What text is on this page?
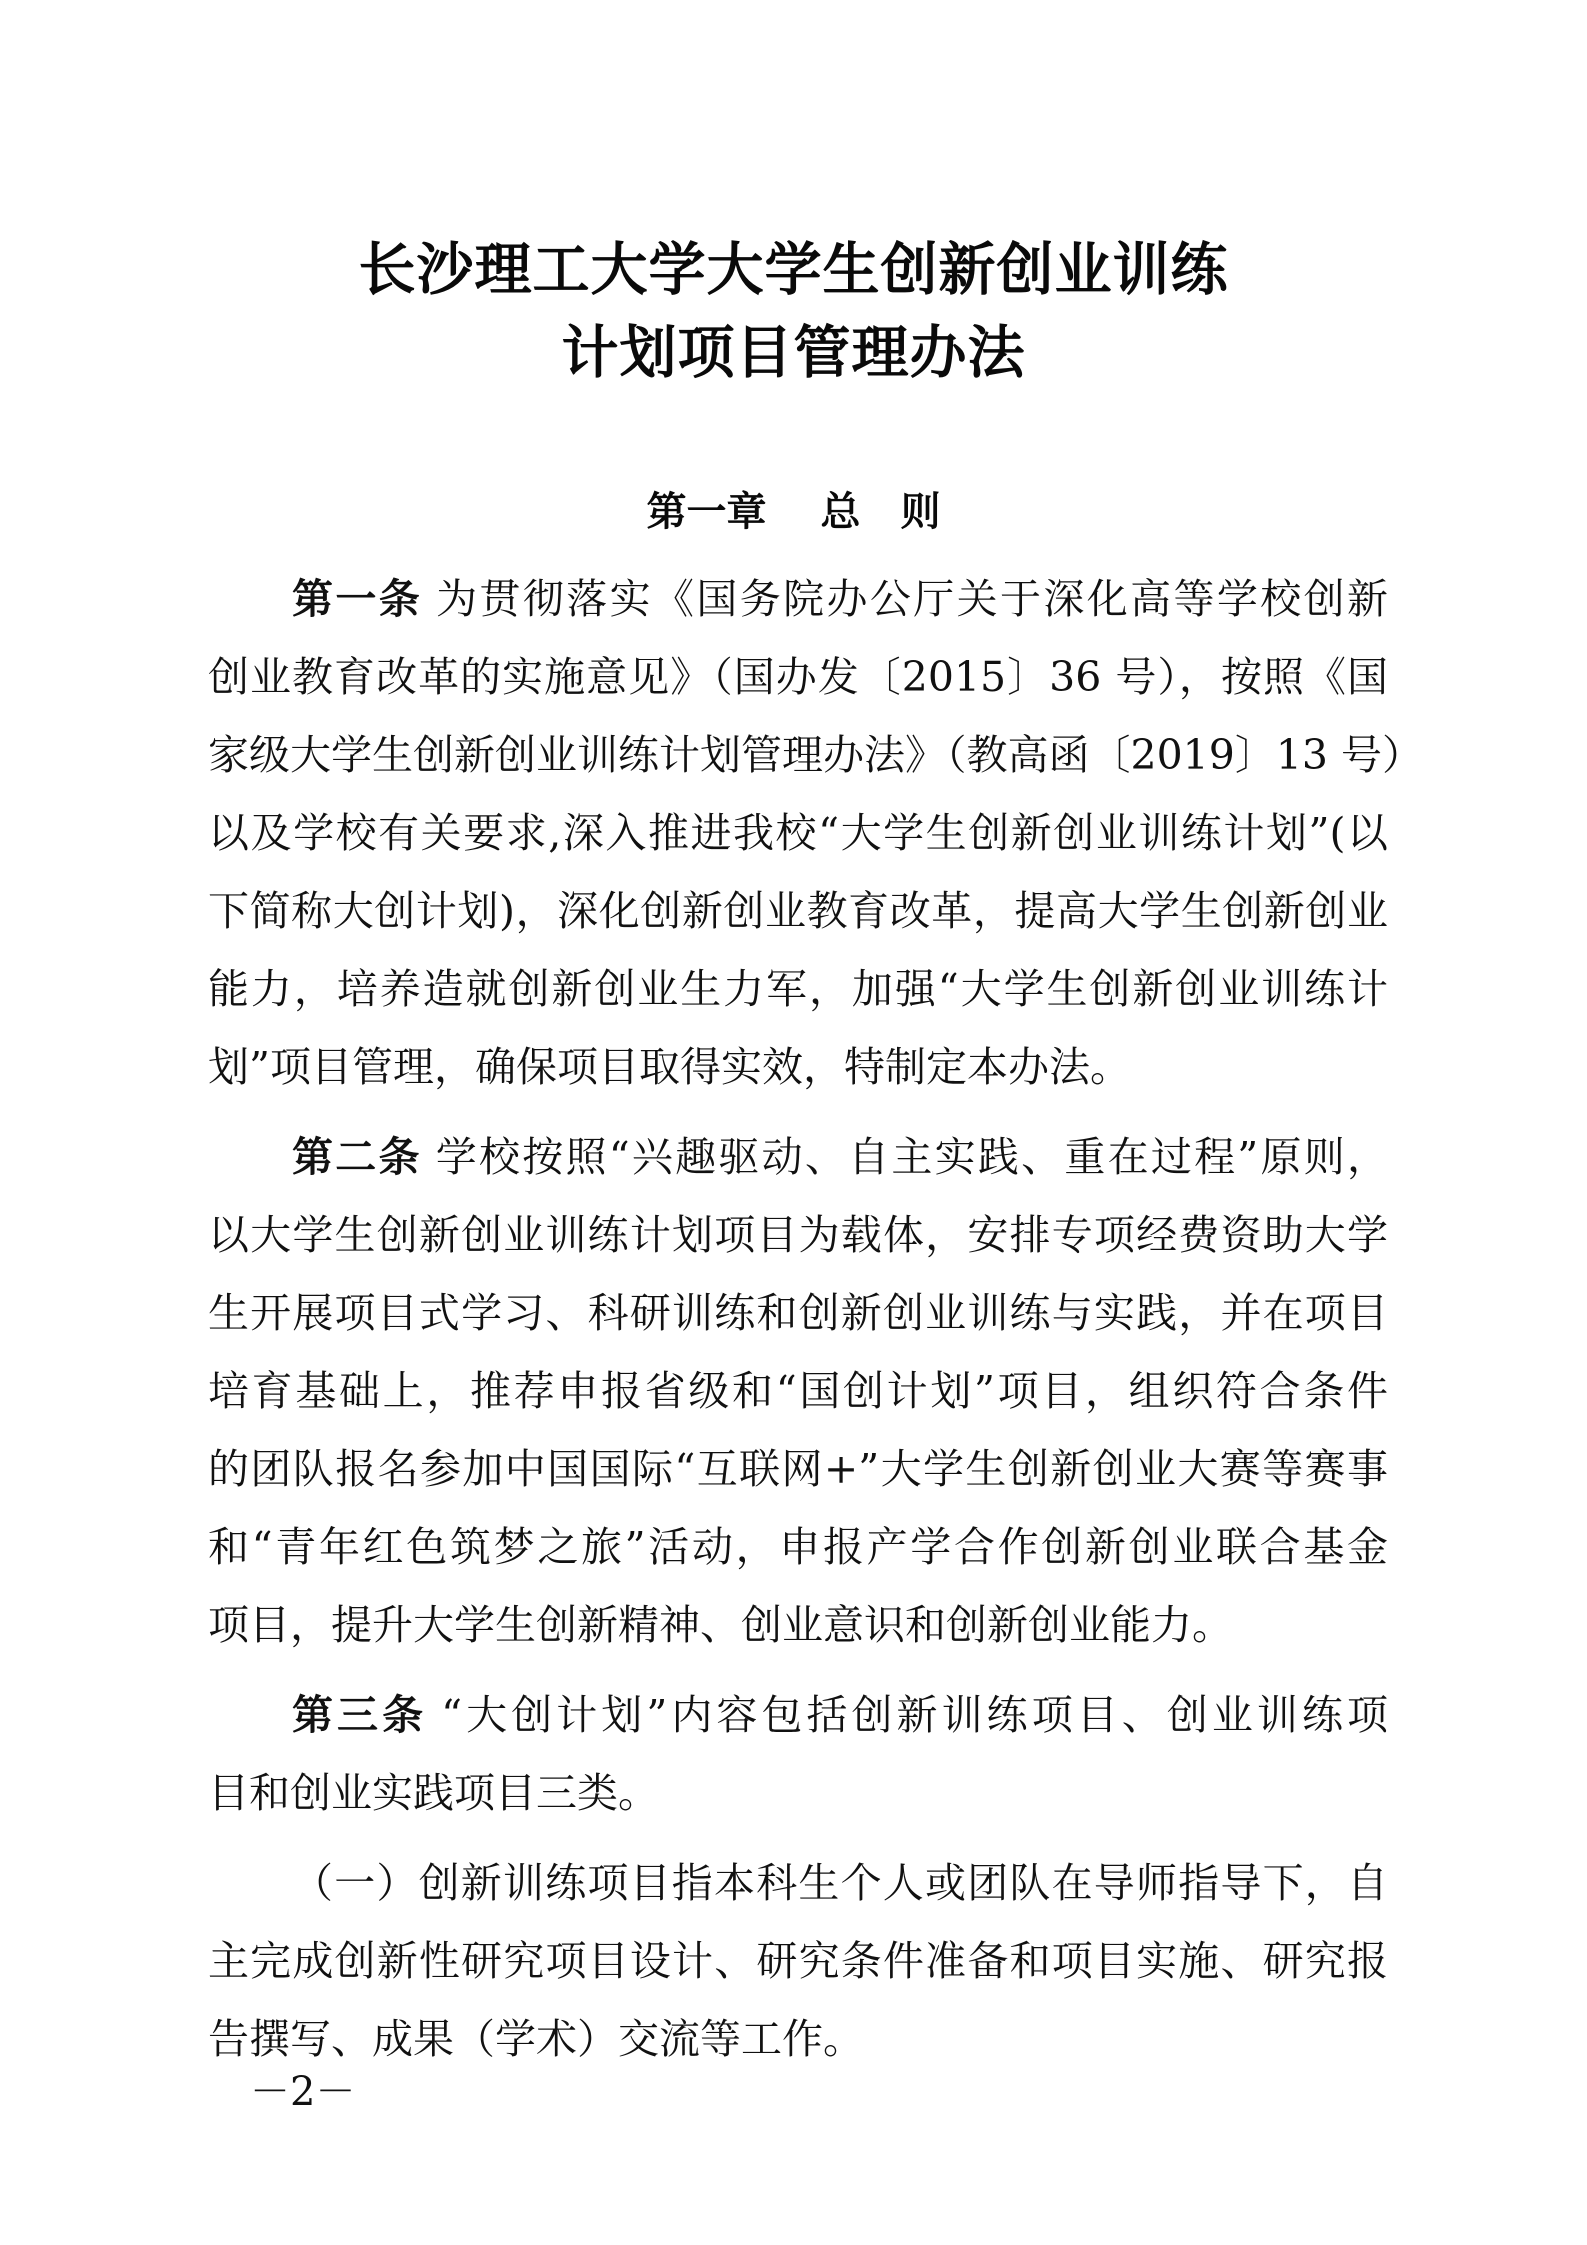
长沙理工大学大学生创新创业训练
计划项目管理办法
第一章　 总　则
第一条 为贯彻落实《国务院办公厅关于深化高等学校创新
创业教育改革的实施意见》（国办发〔2015〕36 号），按照《国
家级大学生创新创业训练计划管理办法》（教高函〔2019〕13 号）
以及学校有关要求,深入推进我校“大学生创新创业训练计划”(以
下简称大创计划)，深化创新创业教育改革，提高大学生创新创业
能力，培养造就创新创业生力军，加强“大学生创新创业训练计
划”项目管理，确保项目取得实效，特制定本办法。
第二条 学校按照“兴趣驱动、自主实践、重在过程”原则，
以大学生创新创业训练计划项目为载体，安排专项经费资助大学
生开展项目式学习、科研训练和创新创业训练与实践，并在项目
培育基础上，推荐申报省级和“国创计划”项目，组织符合条件
的团队报名参加中国国际“互联网+”大学生创新创业大赛等赛事
和“青年红色筑梦之旅”活动，申报产学合作创新创业联合基金
项目，提升大学生创新精神、创业意识和创新创业能力。
第三条 “大创计划”内容包括创新训练项目、创业训练项
目和创业实践项目三类。
（一）创新训练项目指本科生个人或团队在导师指导下，自
主完成创新性研究项目设计、研究条件准备和项目实施、研究报
告撰写、成果（学术）交流等工作。
－2－
